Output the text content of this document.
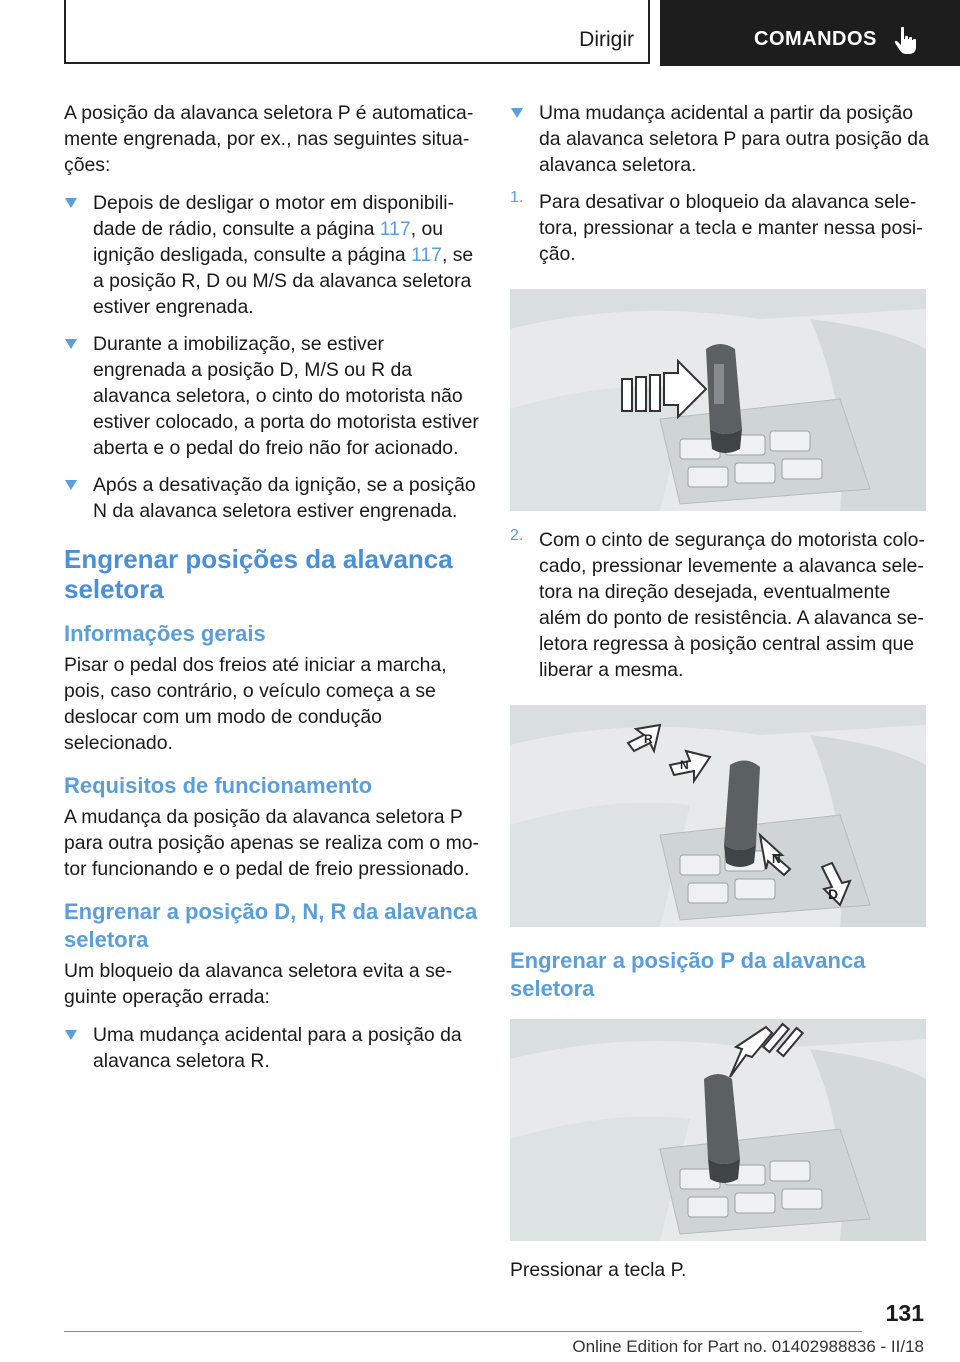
Dirigir	COMANDOS

A posição da alavanca seletora P é automaticamente engrenada, por ex., nas seguintes situações:

Depois de desligar o motor em disponibilidade de rádio, consulte a página 117, ou ignição desligada, consulte a página 117, se a posição R, D ou M/S da alavanca seletora estiver engrenada.

Durante a imobilização, se estiver engrenada a posição D, M/S ou R da alavanca seletora, o cinto do motorista não estiver colocado, a porta do motorista estiver aberta e o pedal do freio não for acionado.

Após a desativação da ignição, se a posição N da alavanca seletora estiver engrenada.

Engrenar posições da alavanca seletora
Informações gerais

Pisar o pedal dos freios até iniciar a marcha, pois, caso contrário, o veículo começa a se deslocar com um modo de condução selecionado.

Requisitos de funcionamento

A mudança da posição da alavanca seletora P para outra posição apenas se realiza com o motor funcionando e o pedal de freio pressionado.

Engrenar a posição D, N, R da alavanca seletora

Um bloqueio da alavanca seletora evita a seguinte operação errada:

Uma mudança acidental para a posição da alavanca seletora R.

Uma mudança acidental a partir da posição da alavanca seletora P para outra posição da alavanca seletora.

1. Para desativar o bloqueio da alavanca seletora, pressionar a tecla e manter nessa posição.

2. Com o cinto de segurança do motorista colocado, pressionar levemente a alavanca seletora na direção desejada, eventualmente além do ponto de resistência. A alavanca seletora regressa à posição central assim que liberar a mesma.

R
N
N
D
Engrenar a posição P da alavanca seletora

Pressionar a tecla P.

131
Online Edition for Part no. 01402988836 - II/18
